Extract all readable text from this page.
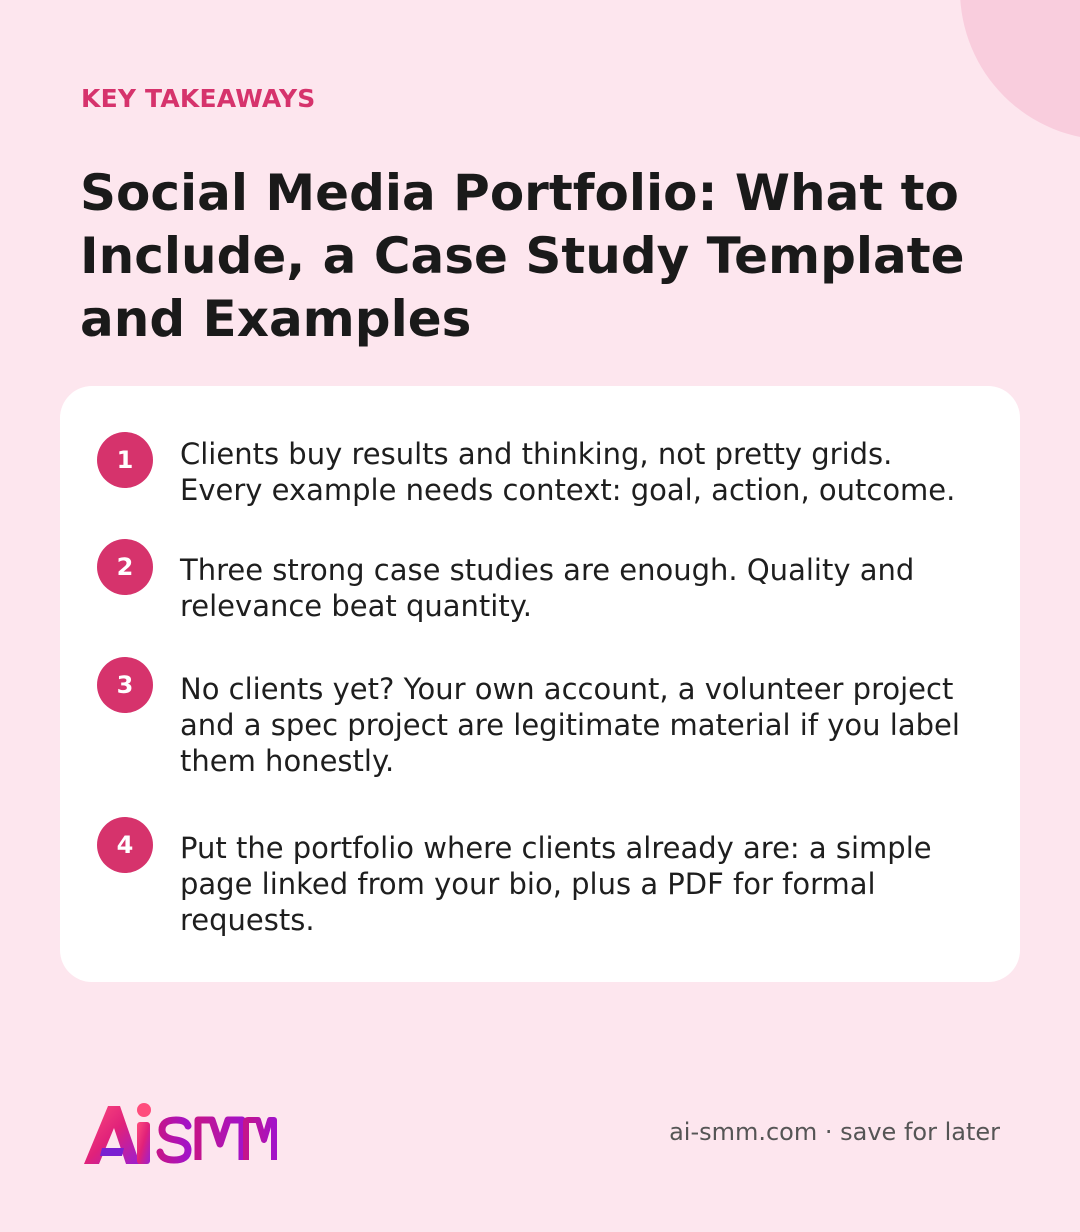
KEY TAKEAWAYS
Social Media Portfolio: What to Include, a Case Study Template and Examples
1	Clients buy results and thinking, not pretty grids. Every example needs context: goal, action, outcome.

2	Three strong case studies are enough. Quality and relevance beat quantity.

3	No clients yet? Your own account, a volunteer project and a spec project are legitimate material if you label them honestly.

4	Put the portfolio where clients already are: a simple page linked from your bio, plus a PDF for formal requests.

ai-smm.com · save for later
